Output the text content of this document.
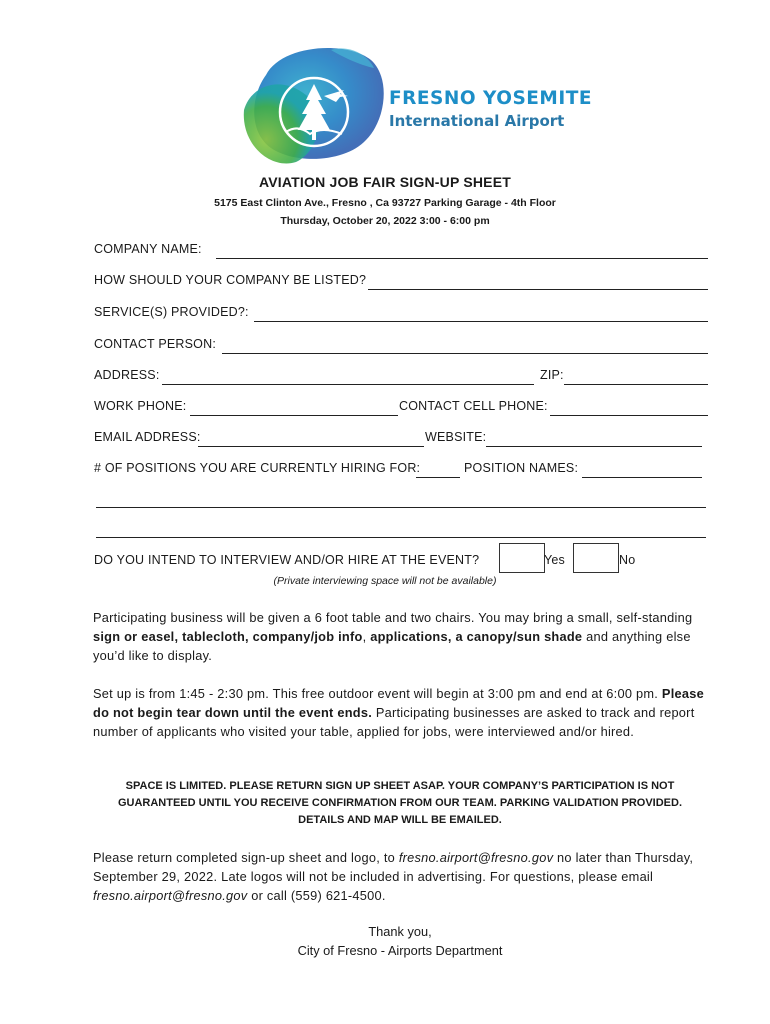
FRESNO YOSEMITE
International Airport
AVIATION JOB FAIR SIGN-UP SHEET
5175 East Clinton Ave., Fresno , Ca 93727 Parking Garage - 4th Floor
Thursday, October 20, 2022 3:00 - 6:00 pm
COMPANY NAME:
HOW SHOULD YOUR COMPANY BE LISTED?
SERVICE(S) PROVIDED?:
CONTACT PERSON:
ADDRESS:	ZIP:
WORK PHONE:	CONTACT CELL PHONE:
EMAIL ADDRESS:	WEBSITE:
# OF POSITIONS YOU ARE CURRENTLY HIRING FOR:	POSITION NAMES:
DO YOU INTEND TO INTERVIEW AND/OR HIRE AT THE EVENT?	Yes	No
(Private interviewing space will not be available)
Participating business will be given a 6 foot table and two chairs. You may bring a small, self-standing sign or easel, tablecloth, company/job info, applications, a canopy/sun shade and anything else you’d like to display.
Set up is from 1:45 - 2:30 pm. This free outdoor event will begin at 3:00 pm and end at 6:00 pm. Please do not begin tear down until the event ends. Participating businesses are asked to track and report number of applicants who visited your table, applied for jobs, were interviewed and/or hired.
SPACE IS LIMITED. PLEASE RETURN SIGN UP SHEET ASAP. YOUR COMPANY’S PARTICIPATION IS NOT
GUARANTEED UNTIL YOU RECEIVE CONFIRMATION FROM OUR TEAM. PARKING VALIDATION PROVIDED.
DETAILS AND MAP WILL BE EMAILED.
Please return completed sign-up sheet and logo, to fresno.airport@fresno.gov no later than Thursday, September 29, 2022. Late logos will not be included in advertising. For questions, please email fresno.airport@fresno.gov or call (559) 621-4500.
Thank you,
City of Fresno - Airports Department
